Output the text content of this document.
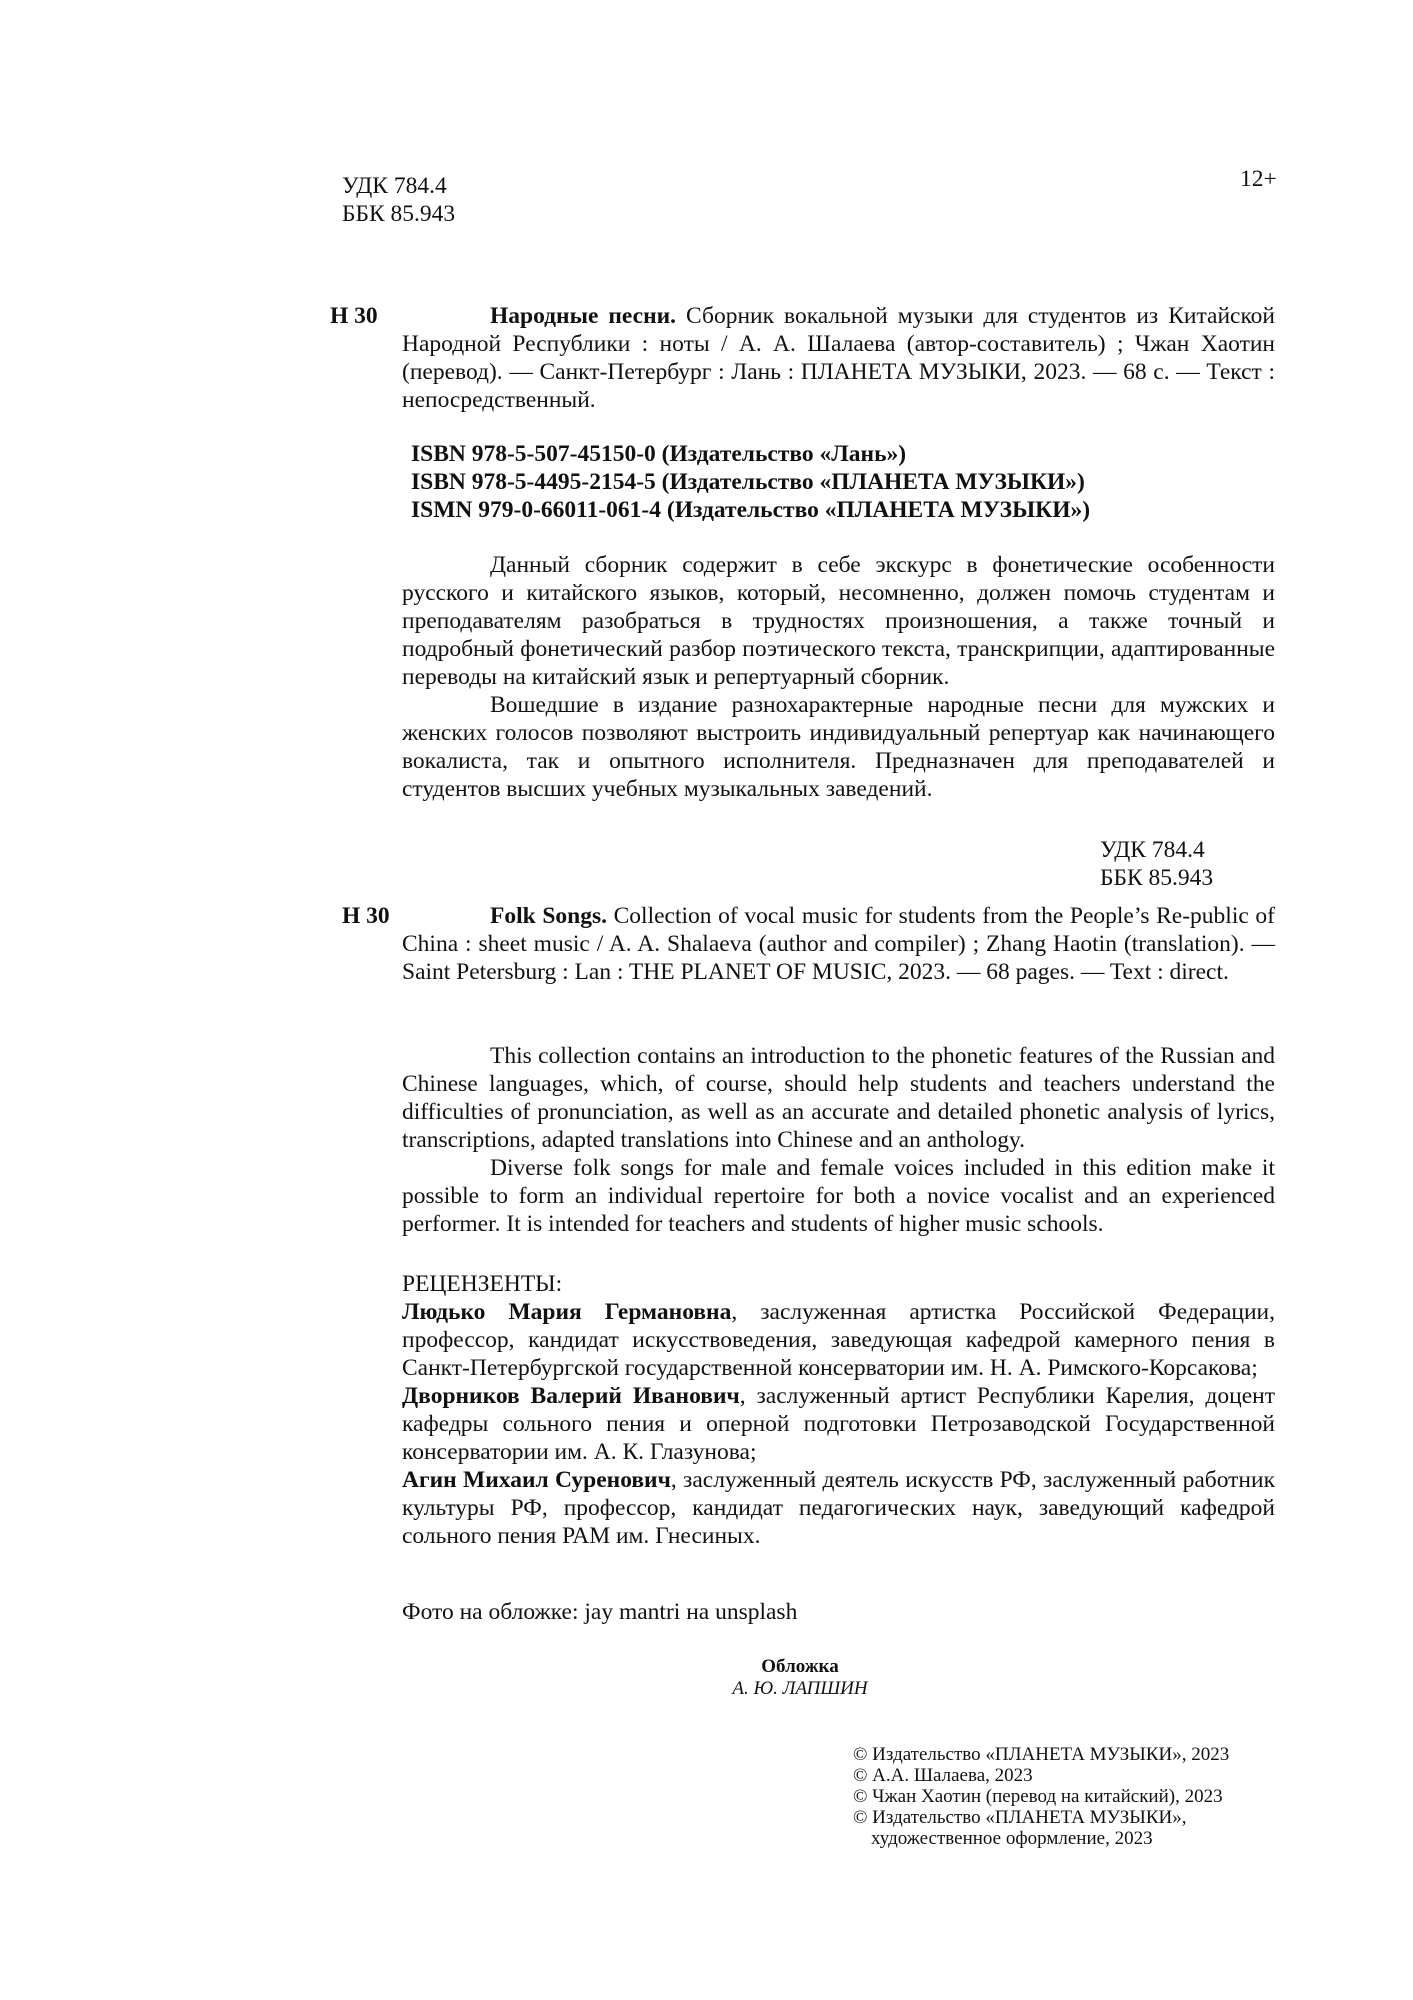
УДК 784.4
ББК 85.943
12+
Н 30	Народные песни. Сборник вокальной музыки для студентов из Китайской Народной Республики : ноты / А. А. Шалаева (автор-составитель) ; Чжан Хаотин (перевод). — Санкт-Петербург : Лань : ПЛАНЕТА МУЗЫКИ, 2023. — 68 с. — Текст : непосредственный.
ISBN 978-5-507-45150-0 (Издательство «Лань»)
ISBN 978-5-4495-2154-5 (Издательство «ПЛАНЕТА МУЗЫКИ»)
ISMN 979-0-66011-061-4 (Издательство «ПЛАНЕТА МУЗЫКИ»)

Данный сборник содержит в себе экскурс в фонетические особенности русского и китайского языков, который, несомненно, должен помочь студентам и преподавателям разобраться в трудностях произношения, а также точный и подробный фонетический разбор поэтического текста, транскрипции, адаптированные переводы на китайский язык и репертуарный сборник.

Вошедшие в издание разнохарактерные народные песни для мужских и женских голосов позволяют выстроить индивидуальный репертуар как начинающего вокалиста, так и опытного исполнителя. Предназначен для преподавателей и студентов высших учебных музыкальных заведений.

УДК 784.4
ББК 85.943
Н 30	Folk Songs. Collection of vocal music for students from the People’s Re-public of China : sheet music / A. A. Shalaeva (author and compiler) ; Zhang Haotin (translation). — Saint Petersburg : Lan : THE PLANET OF MUSIC, 2023. — 68 pages. — Text : direct.

This collection contains an introduction to the phonetic features of the Russian and Chinese languages, which, of course, should help students and teachers understand the difficulties of pronunciation, as well as an accurate and detailed phonetic analysis of lyrics, transcriptions, adapted translations into Chinese and an anthology.

Diverse folk songs for male and female voices included in this edition make it possible to form an individual repertoire for both a novice vocalist and an experienced performer. It is intended for teachers and students of higher music schools.

РЕЦЕНЗЕНТЫ:

Людько Мария Германовна, заслуженная артистка Российской Федерации, профессор, кандидат искусствоведения, заведующая кафедрой камерного пения в Санкт-Петербургской государственной консерватории им. Н. А. Римского-Корсакова;

Дворников Валерий Иванович, заслуженный артист Республики Карелия, доцент кафедры сольного пения и оперной подготовки Петрозаводской Государственной консерватории им. А. К. Глазунова;

Агин Михаил Суренович, заслуженный деятель искусств РФ, заслуженный работник культуры РФ, профессор, кандидат педагогических наук, заведующий кафедрой сольного пения РАМ им. Гнесиных.

Фото на обложке: jay mantri на unsplash
Обложка
А. Ю. ЛАПШИН
© Издательство «ПЛАНЕТА МУЗЫКИ», 2023
© А.А. Шалаева, 2023
© Чжан Хаотин (перевод на китайский), 2023
© Издательство «ПЛАНЕТА МУЗЫКИ»,
художественное оформление, 2023
